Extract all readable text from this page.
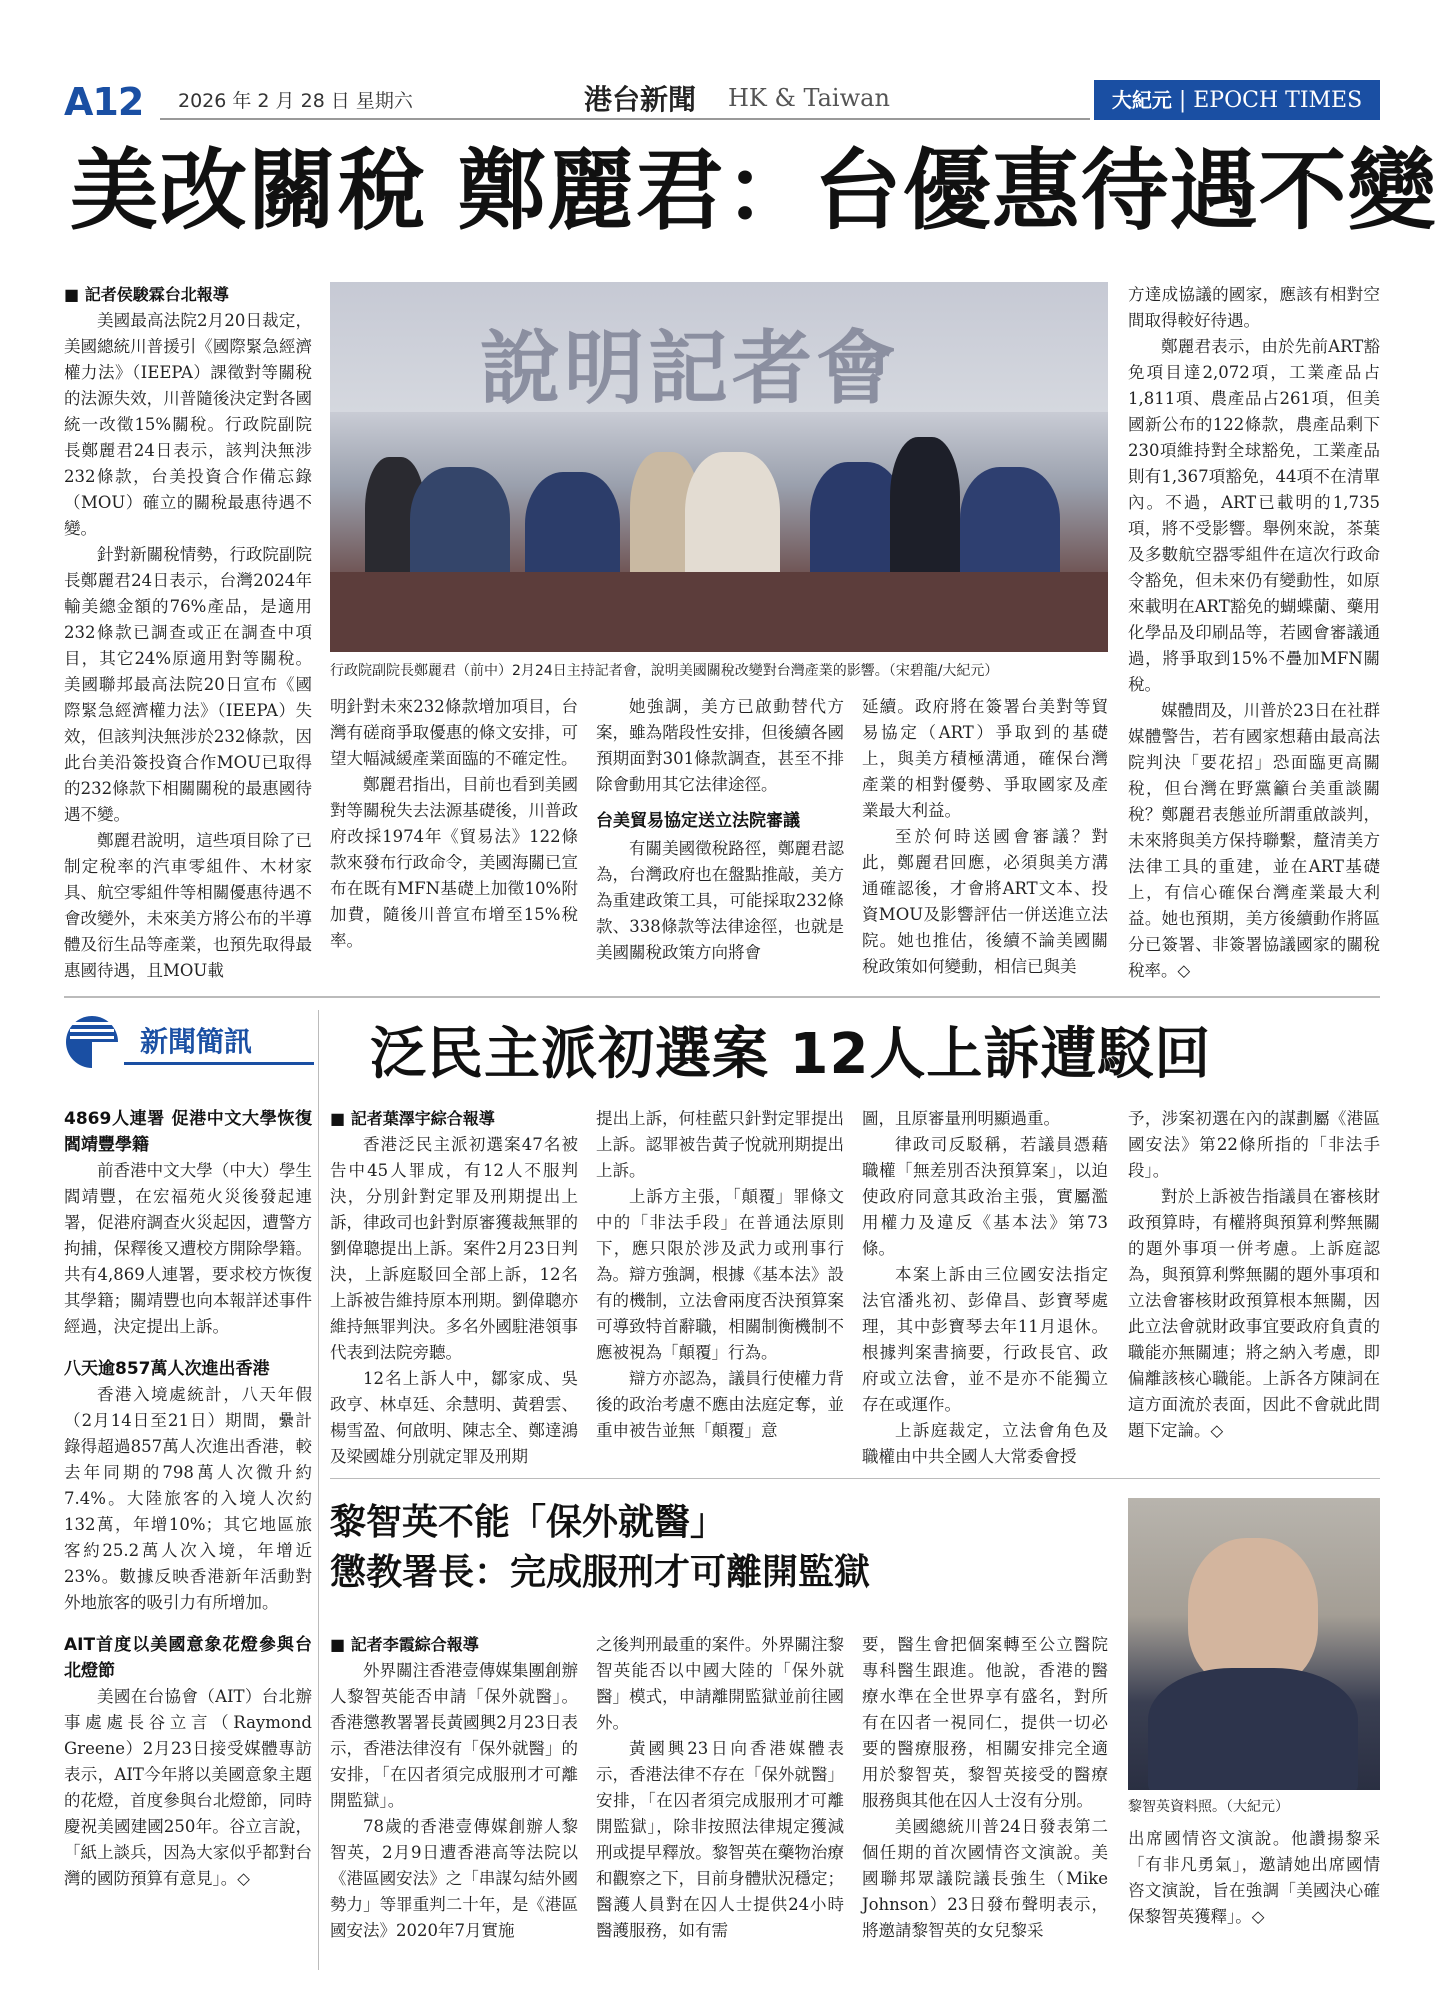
A12 2026 年 2 月 28 日 星期六	港台新聞 HK & Taiwan	大紀元 | EPOCH TIMES
美改關稅 鄭麗君：台優惠待遇不變
■ 記者侯駿霖台北報導

美國最高法院2月20日裁定，美國總統川普援引《國際緊急經濟權力法》（IEEPA）課徵對等關稅的法源失效，川普隨後決定對各國統一改徵15%關稅。行政院副院長鄭麗君24日表示，該判決無涉232條款，台美投資合作備忘錄（MOU）確立的關稅最惠待遇不變。

針對新關稅情勢，行政院副院長鄭麗君24日表示，台灣2024年輸美總金額的76%產品，是適用232條款已調查或正在調查中項目，其它24%原適用對等關稅。美國聯邦最高法院20日宣布《國際緊急經濟權力法》（IEEPA）失效，但該判決無涉於232條款，因此台美沿簽投資合作MOU已取得的232條款下相關關稅的最惠國待遇不變。

鄭麗君說明，這些項目除了已制定稅率的汽車零組件、木材家具、航空零組件等相關優惠待遇不會改變外，未來美方將公布的半導體及衍生品等產業，也預先取得最惠國待遇，且MOU載

說明記者會
行政院副院長鄭麗君（前中）2月24日主持記者會，說明美國關稅改變對台灣產業的影響。（宋碧龍/大紀元）

明針對未來232條款增加項目，台灣有磋商爭取優惠的條文安排，可望大幅減緩產業面臨的不確定性。

鄭麗君指出，目前也看到美國對等關稅失去法源基礎後，川普政府改採1974年《貿易法》122條款來發布行政命令，美國海關已宣布在既有MFN基礎上加徵10%附加費，隨後川普宣布增至15%稅率。

她強調，美方已啟動替代方案，雖為階段性安排，但後續各國預期面對301條款調查，甚至不排除會動用其它法律途徑。

台美貿易協定送立法院審議

有關美國徵稅路徑，鄭麗君認為，台灣政府也在盤點推敲，美方為重建政策工具，可能採取232條款、338條款等法律途徑，也就是美國關稅政策方向將會

延續。政府將在簽署台美對等貿易協定（ART）爭取到的基礎上，與美方積極溝通，確保台灣產業的相對優勢、爭取國家及產業最大利益。

至於何時送國會審議？對此，鄭麗君回應，必須與美方溝通確認後，才會將ART文本、投資MOU及影響評估一併送進立法院。她也推估，後續不論美國關稅政策如何變動，相信已與美

方達成協議的國家，應該有相對空間取得較好待遇。

鄭麗君表示，由於先前ART豁免項目達2,072項，工業產品占1,811項、農產品占261項，但美國新公布的122條款，農產品剩下230項維持對全球豁免，工業產品則有1,367項豁免，44項不在清單內。不過，ART已載明的1,735項，將不受影響。舉例來說，茶葉及多數航空器零組件在這次行政命令豁免，但未來仍有變動性，如原來載明在ART豁免的蝴蝶蘭、藥用化學品及印刷品等，若國會審議通過，將爭取到15%不疊加MFN關稅。

媒體問及，川普於23日在社群媒體警告，若有國家想藉由最高法院判決「要花招」恐面臨更高關稅，但台灣在野黨籲台美重談關稅？鄭麗君表態並所謂重啟談判，未來將與美方保持聯繫，釐清美方法律工具的重建，並在ART基礎上，有信心確保台灣產業最大利益。她也預期，美方後續動作將區分已簽署、非簽署協議國家的關稅稅率。◇

新聞簡訊
4869人連署 促港中文大學恢復閻靖豐學籍

前香港中文大學（中大）學生閻靖豐，在宏福苑火災後發起連署，促港府調查火災起因，遭警方拘捕，保釋後又遭校方開除學籍。共有4,869人連署，要求校方恢復其學籍；關靖豐也向本報詳述事件經過，決定提出上訴。

八天逾857萬人次進出香港

香港入境處統計，八天年假（2月14日至21日）期間，纍計錄得超過857萬人次進出香港，較去年同期的798萬人次微升約7.4%。大陸旅客的入境人次約132萬，年增10%；其它地區旅客約25.2萬人次入境，年增近23%。數據反映香港新年活動對外地旅客的吸引力有所增加。

AIT首度以美國意象花燈參與台北燈節

美國在台協會（AIT）台北辦事處處長谷立言（Raymond Greene）2月23日接受媒體專訪表示，AIT今年將以美國意象主題的花燈，首度參與台北燈節，同時慶祝美國建國250年。谷立言說，「紙上談兵，因為大家似乎都對台灣的國防預算有意見」。◇

泛民主派初選案 12人上訴遭駁回
■ 記者葉澤宇綜合報導

香港泛民主派初選案47名被告中45人罪成，有12人不服判決，分別針對定罪及刑期提出上訴，律政司也針對原審獲裁無罪的劉偉聰提出上訴。案件2月23日判決，上訴庭駁回全部上訴，12名上訴被告維持原本刑期。劉偉聰亦維持無罪判決。多名外國駐港領事代表到法院旁聽。

12名上訴人中，鄒家成、吳政亨、林卓廷、余慧明、黃碧雲、楊雪盈、何啟明、陳志全、鄭達鴻及梁國雄分別就定罪及刑期

提出上訴，何桂藍只針對定罪提出上訴。認罪被告黃子悅就刑期提出上訴。

上訴方主張，「顛覆」罪條文中的「非法手段」在普通法原則下，應只限於涉及武力或刑事行為。辯方強調，根據《基本法》設有的機制，立法會兩度否決預算案可導致特首辭職，相關制衡機制不應被視為「顛覆」行為。

辯方亦認為，議員行使權力背後的政治考慮不應由法庭定奪，並重申被告並無「顛覆」意

圖，且原審量刑明顯過重。

律政司反駁稱，若議員憑藉職權「無差別否決預算案」，以迫使政府同意其政治主張，實屬濫用權力及違反《基本法》第73條。

本案上訴由三位國安法指定法官潘兆初、彭偉昌、彭寶琴處理，其中彭寶琴去年11月退休。根據判案書摘要，行政長官、政府或立法會，並不是亦不能獨立存在或運作。

上訴庭裁定，立法會角色及職權由中共全國人大常委會授

予，涉案初選在內的謀劃屬《港區國安法》第22條所指的「非法手段」。

對於上訴被告指議員在審核財政預算時，有權將與預算利弊無關的題外事項一併考慮。上訴庭認為，與預算利弊無關的題外事項和立法會審核財政預算根本無關，因此立法會就財政事宜要政府負責的職能亦無關連；將之納入考慮，即偏離該核心職能。上訴各方陳詞在這方面流於表面，因此不會就此問題下定論。◇

黎智英不能「保外就醫」
懲教署長：完成服刑才可離開監獄
黎智英資料照。（大紀元）
■ 記者李霞綜合報導

外界關注香港壹傳媒集團創辦人黎智英能否申請「保外就醫」。香港懲教署署長黃國興2月23日表示，香港法律沒有「保外就醫」的安排，「在囚者須完成服刑才可離開監獄」。

78歲的香港壹傳媒創辦人黎智英，2月9日遭香港高等法院以《港區國安法》之「串謀勾結外國勢力」等罪重判二十年，是《港區國安法》2020年7月實施

之後判刑最重的案件。外界關注黎智英能否以中國大陸的「保外就醫」模式，申請離開監獄並前往國外。

黃國興23日向香港媒體表示，香港法律不存在「保外就醫」安排，「在囚者須完成服刑才可離開監獄」，除非按照法律規定獲減刑或提早釋放。黎智英在藥物治療和觀察之下，目前身體狀況穩定；醫護人員對在囚人士提供24小時醫護服務，如有需

要，醫生會把個案轉至公立醫院專科醫生跟進。他說，香港的醫療水準在全世界享有盛名，對所有在囚者一視同仁，提供一切必要的醫療服務，相關安排完全適用於黎智英，黎智英接受的醫療服務與其他在囚人士沒有分別。

美國總統川普24日發表第二個任期的首次國情咨文演說。美國聯邦眾議院議長強生（Mike Johnson）23日發布聲明表示，將邀請黎智英的女兒黎采

出席國情咨文演說。他讚揚黎采「有非凡勇氣」，邀請她出席國情咨文演說，旨在強調「美國決心確保黎智英獲釋」。◇
